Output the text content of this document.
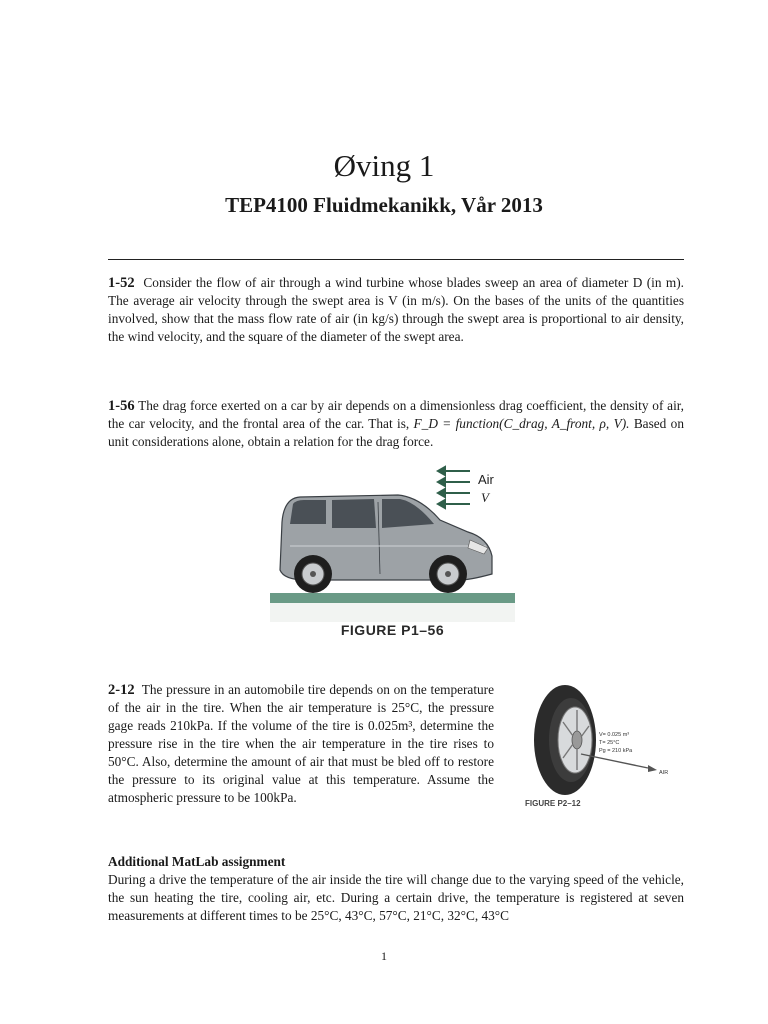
Øving 1
TEP4100 Fluidmekanikk, Vår 2013
1-52 Consider the flow of air through a wind turbine whose blades sweep an area of diameter D (in m). The average air velocity through the swept area is V (in m/s). On the bases of the units of the quantities involved, show that the mass flow rate of air (in kg/s) through the swept area is proportional to air density, the wind velocity, and the square of the diameter of the swept area.
1-56 The drag force exerted on a car by air depends on a dimensionless drag coefficient, the density of air, the car velocity, and the frontal area of the car. That is, F_D = function(C_drag, A_front, ρ, V). Based on unit considerations alone, obtain a relation for the drag force.
Air
V
FIGURE P1–56
2-12 The pressure in an automobile tire depends on on the temperature of the air in the tire. When the air temperature is 25°C, the pressure gage reads 210kPa. If the volume of the tire is 0.025m³, determine the pressure rise in the tire when the air temperature in the tire rises to 50°C. Also, determine the amount of air that must be bled off to restore the pressure to its original value at this temperature. Assume the atmospheric pressure to be 100kPa.
V= 0.025 m³
T= 25°C
Pg = 210 kPa
AIR
FIGURE P2–12
Additional MatLab assignment
During a drive the temperature of the air inside the tire will change due to the varying speed of the vehicle, the sun heating the tire, cooling air, etc. During a certain drive, the temperature is registered at seven measurements at different times to be 25°C, 43°C, 57°C, 21°C, 32°C, 43°C
1
